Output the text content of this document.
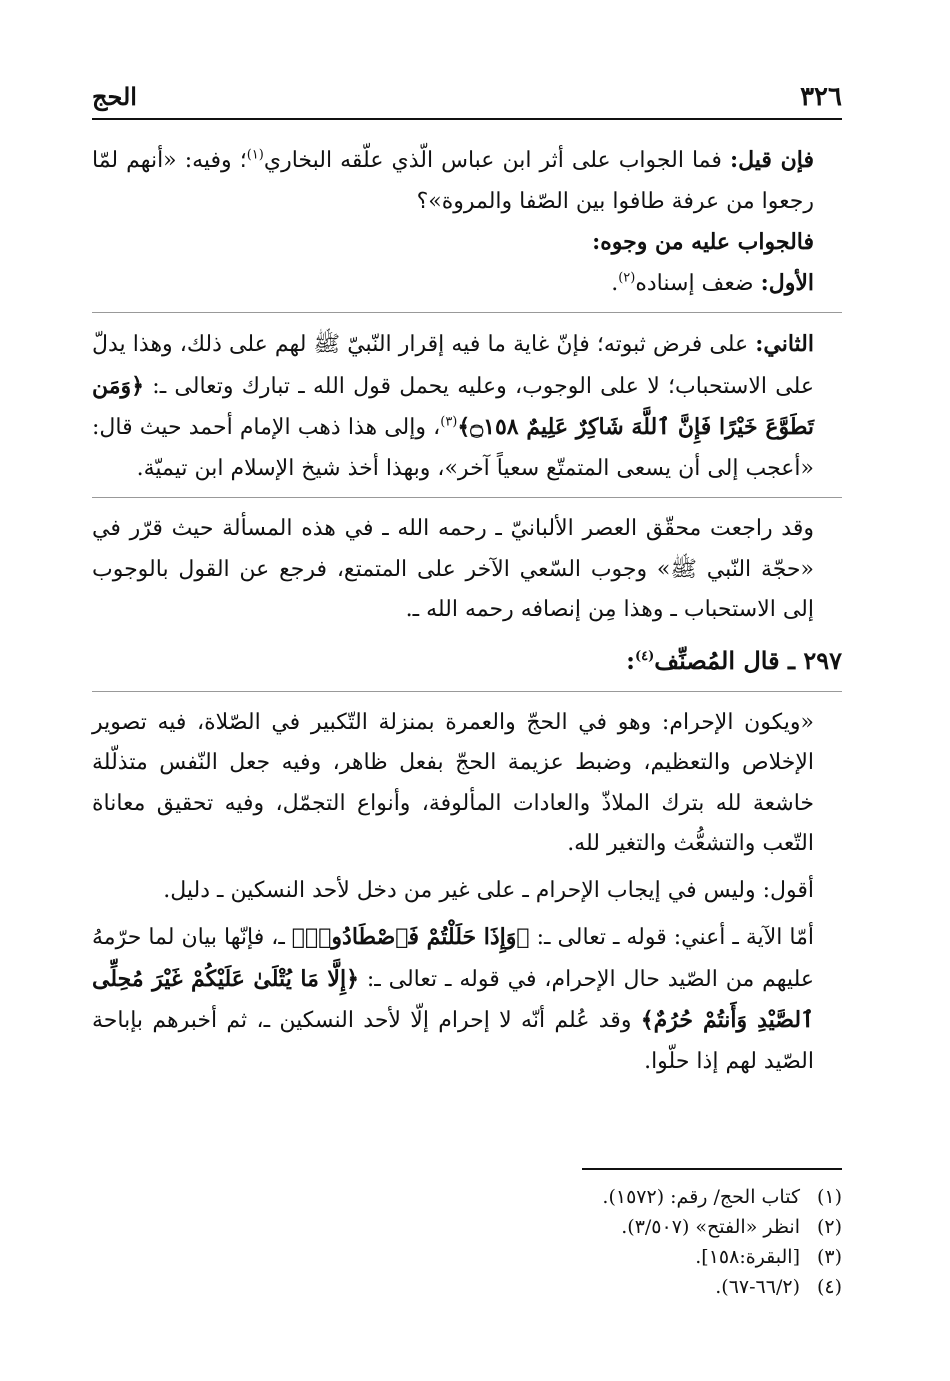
٣٢٦
الحج

فإن قيل: فما الجواب على أثر ابن عباس الّذي علّقه البخاري$^{(١)}$؛ وفيه: «أنهم لمّا رجعوا من عرفة طافوا بين الصّفا والمروة»؟

فالجواب عليه من وجوه:

الأول: ضعف إسناده$^{(٢)}$.

الثاني: على فرض ثبوته؛ فإنّ غاية ما فيه إقرار النّبيّ ﷺ لهم على ذلك، وهذا يدلّ على الاستحباب؛ لا على الوجوب، وعليه يحمل قول الله ـ تبارك وتعالى ـ: ﴿وَمَن تَطَوَّعَ خَيْرًا فَإِنَّ ٱللَّهَ شَاكِرٌ عَلِيمٌ ۝١٥٨﴾$^{(٣)}$، وإلى هذا ذهب الإمام أحمد حيث قال: «أعجب إلى أن يسعى المتمتّع سعياً آخر»، وبهذا أخذ شيخ الإسلام ابن تيميّة.

وقد راجعت محقّق العصر الألبانيّ ـ رحمه الله ـ في هذه المسألة حيث قرّر في «حجّة النّبي ﷺ» وجوب السّعي الآخر على المتمتع، فرجع عن القول بالوجوب إلى الاستحباب ـ وهذا مِن إنصافه رحمه الله ـ.

٢٩٧ ـ قال المُصنِّف$^{(٤)}$:

«ويكون الإحرام: وهو في الحجّ والعمرة بمنزلة التّكبير في الصّلاة، فيه تصوير الإخلاص والتعظيم، وضبط عزيمة الحجّ بفعل ظاهر، وفيه جعل النّفس متذلّلة خاشعة لله بترك الملاذّ والعادات المألوفة، وأنواع التجمّل، وفيه تحقيق معاناة التّعب والتشعُّث والتغير لله.

أقول: وليس في إيجاب الإحرام ـ على غير من دخل لأحد النسكين ـ دليل.

أمّا الآية ـ أعني: قوله ـ تعالى ـ: ﴿وَإِذَا حَلَلْتُمْ فَٱصْطَادُوا۟﴾ ـ، فإنّها بيان لما حرّمهُ عليهم من الصّيد حال الإحرام، في قوله ـ تعالى ـ: ﴿إِلَّا مَا يُتْلَىٰ عَلَيْكُمْ غَيْرَ مُحِلِّى ٱلصَّيْدِ وَأَنتُمْ حُرُمٌ﴾ وقد عُلم أنّه لا إحرام إلّا لأحد النسكين ـ، ثم أخبرهم بإباحة الصّيد لهم إذا حلّوا.

(١)كتاب الحج/ رقم: (١٥٧٢).
(٢)انظر «الفتح» (٣/٥٠٧).
(٣)[البقرة:١٥٨].
(٤)(٦٦/٢-٦٧).
